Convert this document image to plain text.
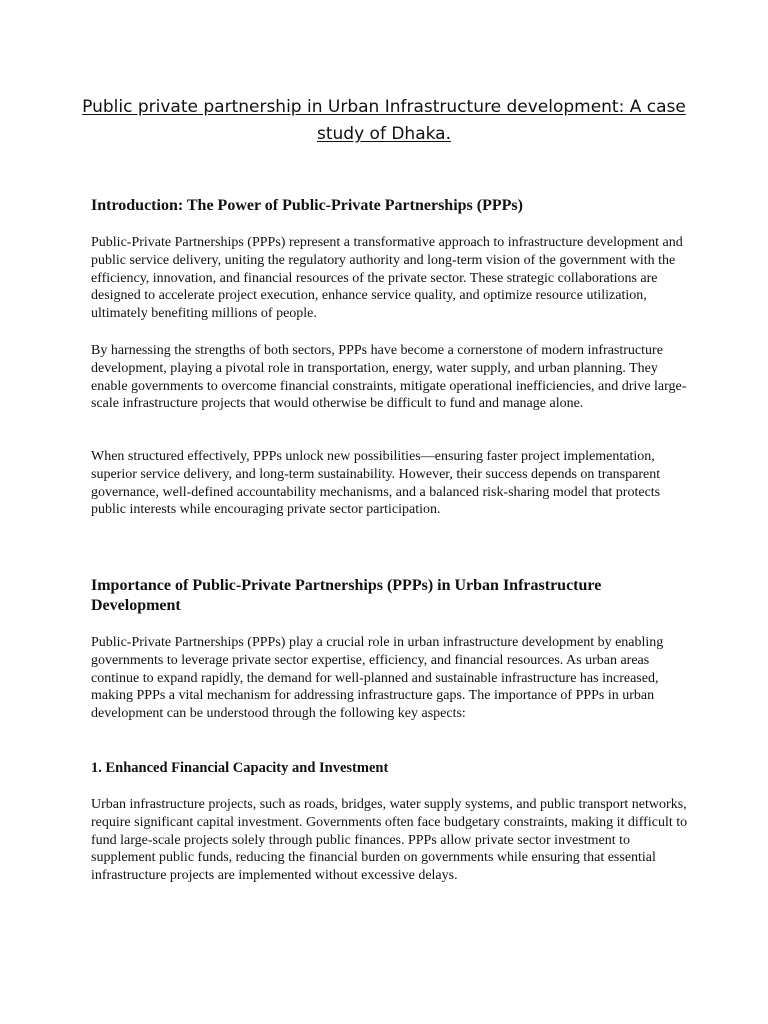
Public private partnership in Urban Infrastructure development: A case study of Dhaka.
Introduction: The Power of Public-Private Partnerships (PPPs)

Public-Private Partnerships (PPPs) represent a transformative approach to infrastructure development and public service delivery, uniting the regulatory authority and long-term vision of the government with the efficiency, innovation, and financial resources of the private sector. These strategic collaborations are designed to accelerate project execution, enhance service quality, and optimize resource utilization, ultimately benefiting millions of people.

By harnessing the strengths of both sectors, PPPs have become a cornerstone of modern infrastructure development, playing a pivotal role in transportation, energy, water supply, and urban planning. They enable governments to overcome financial constraints, mitigate operational inefficiencies, and drive large-scale infrastructure projects that would otherwise be difficult to fund and manage alone.

When structured effectively, PPPs unlock new possibilities—ensuring faster project implementation, superior service delivery, and long-term sustainability. However, their success depends on transparent governance, well-defined accountability mechanisms, and a balanced risk-sharing model that protects public interests while encouraging private sector participation.

Importance of Public-Private Partnerships (PPPs) in Urban Infrastructure Development

Public-Private Partnerships (PPPs) play a crucial role in urban infrastructure development by enabling governments to leverage private sector expertise, efficiency, and financial resources. As urban areas continue to expand rapidly, the demand for well-planned and sustainable infrastructure has increased, making PPPs a vital mechanism for addressing infrastructure gaps. The importance of PPPs in urban development can be understood through the following key aspects:

1. Enhanced Financial Capacity and Investment

Urban infrastructure projects, such as roads, bridges, water supply systems, and public transport networks, require significant capital investment. Governments often face budgetary constraints, making it difficult to fund large-scale projects solely through public finances. PPPs allow private sector investment to supplement public funds, reducing the financial burden on governments while ensuring that essential infrastructure projects are implemented without excessive delays.
